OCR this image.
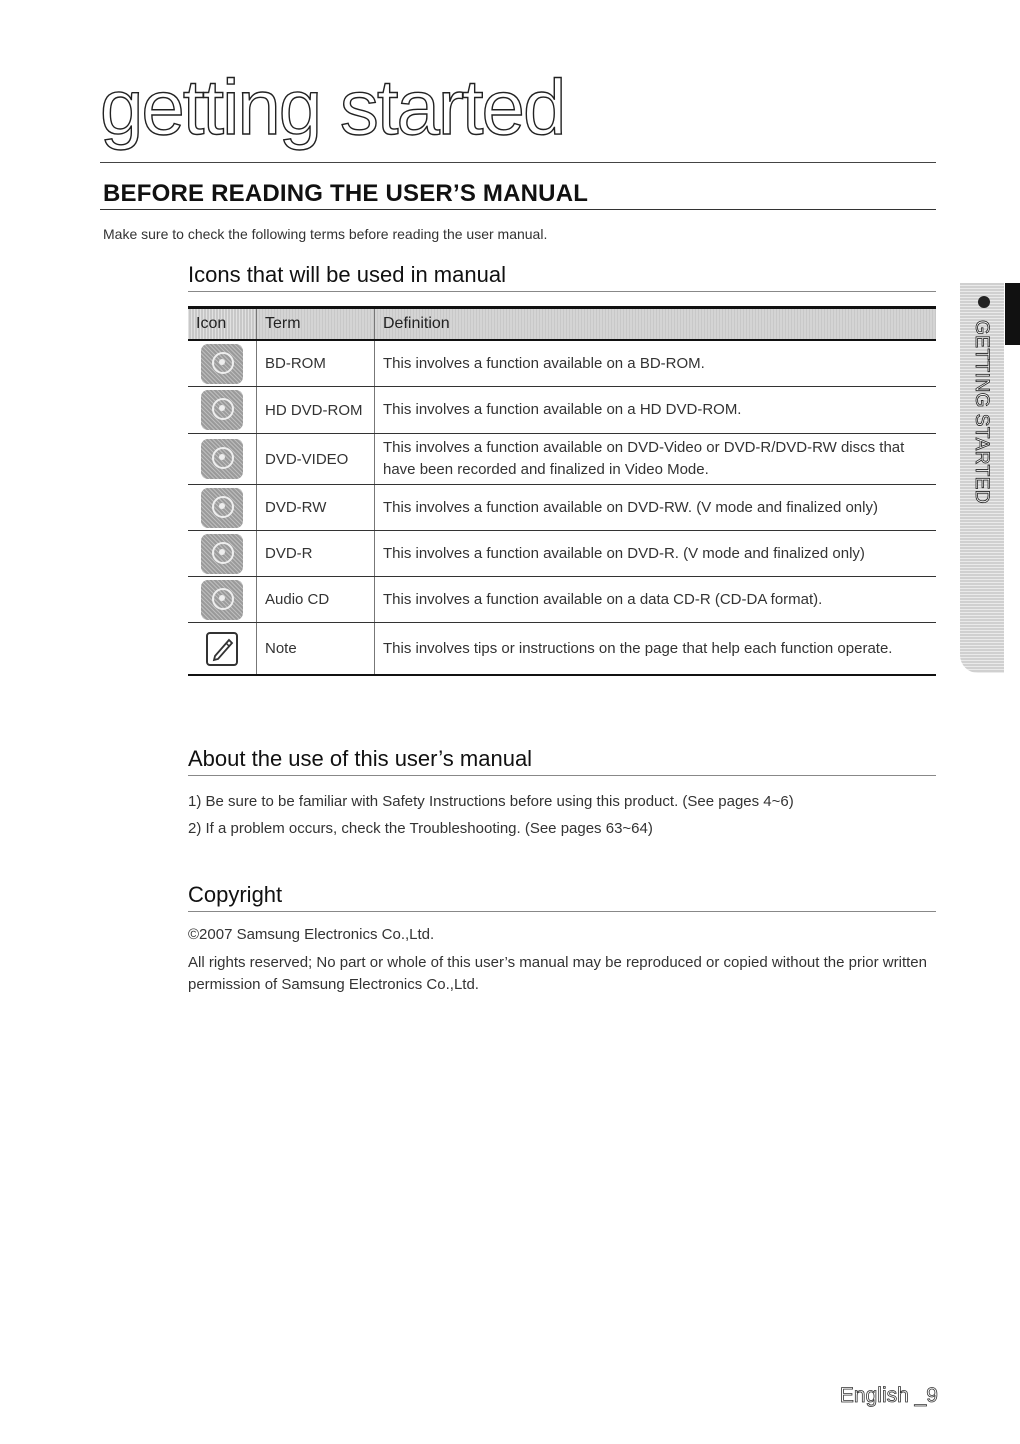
getting started
BEFORE READING THE USER’S MANUAL

Make sure to check the following terms before reading the user manual.

Icons that will be used in manual
Icon	Term	Definition
	BD-ROM	This involves a function available on a BD-ROM.
	HD DVD-ROM	This involves a function available on a HD DVD-ROM.
	DVD-VIDEO	This involves a function available on DVD-Video or DVD-R/DVD-RW discs that have been recorded and finalized in Video Mode.
	DVD-RW	This involves a function available on DVD-RW. (V mode and finalized only)
	DVD-R	This involves a function available on DVD-R. (V mode and finalized only)
	Audio CD	This involves a function available on a data CD-R (CD-DA format).
	Note	This involves tips or instructions on the page that help each function operate.
About the use of this user’s manual
1) Be sure to be familiar with Safety Instructions before using this product. (See pages 4~6)
2) If a problem occurs, check the Troubleshooting. (See pages 63~64)
Copyright

©2007 Samsung Electronics Co.,Ltd.

All rights reserved; No part or whole of this user’s manual may be reproduced or copied without the prior written permission of Samsung Electronics Co.,Ltd.

GETTING STARTED
English _9
